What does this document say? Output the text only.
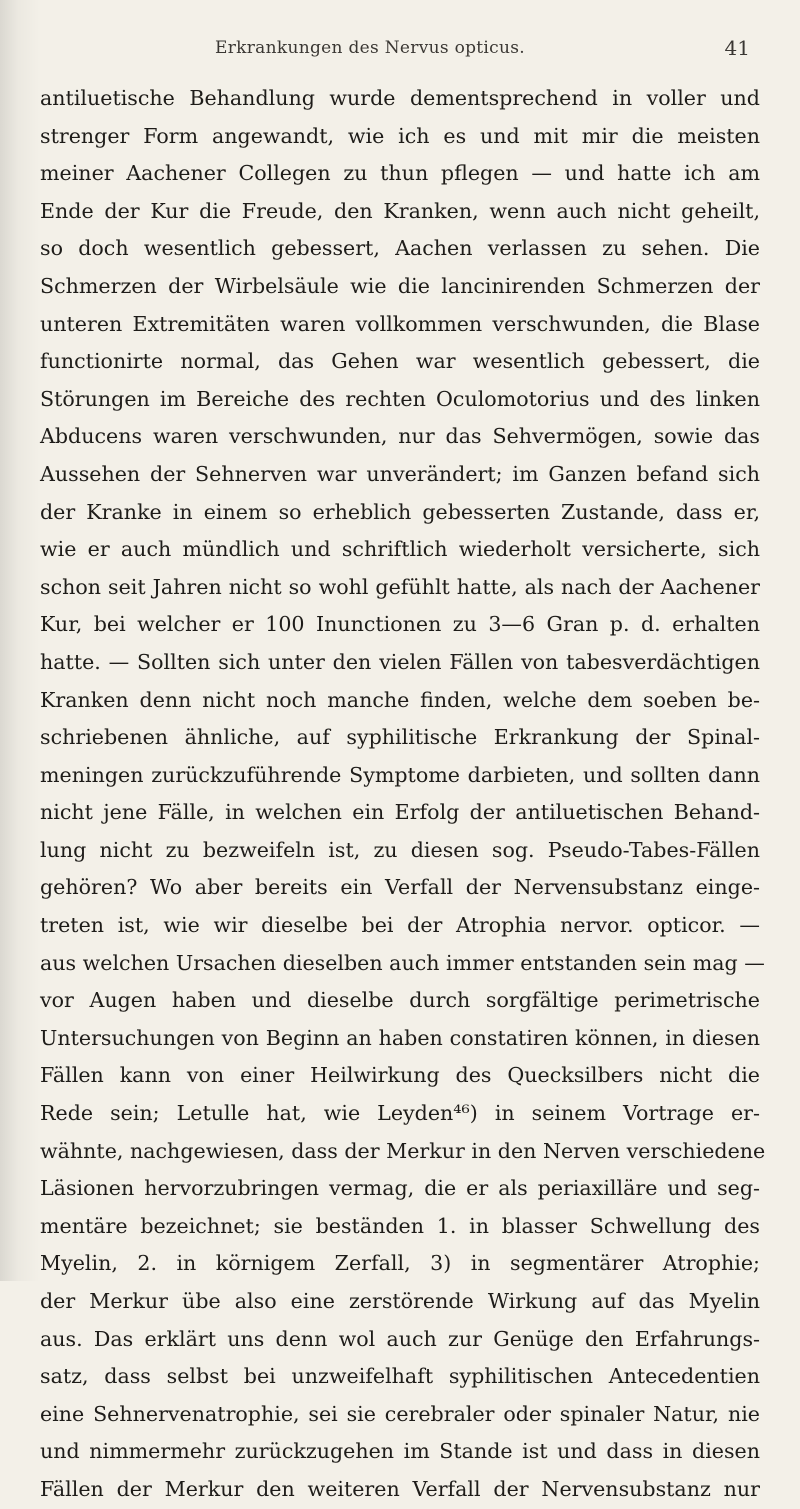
Erkrankungen des Nervus opticus.	41
antiluetische Behandlung wurde dementsprechend in voller und
strenger Form angewandt, wie ich es und mit mir die meisten
meiner Aachener Collegen zu thun pflegen — und hatte ich am
Ende der Kur die Freude, den Kranken, wenn auch nicht geheilt,
so doch wesentlich gebessert, Aachen verlassen zu sehen. Die
Schmerzen der Wirbelsäule wie die lancinirenden Schmerzen der
unteren Extremitäten waren vollkommen verschwunden, die Blase
functionirte normal, das Gehen war wesentlich gebessert, die
Störungen im Bereiche des rechten Oculomotorius und des linken
Abducens waren verschwunden, nur das Sehvermögen, sowie das
Aussehen der Sehnerven war unverändert; im Ganzen befand sich
der Kranke in einem so erheblich gebesserten Zustande, dass er,
wie er auch mündlich und schriftlich wiederholt versicherte, sich
schon seit Jahren nicht so wohl gefühlt hatte, als nach der Aachener
Kur, bei welcher er 100 Inunctionen zu 3—6 Gran p. d. erhalten
hatte. — Sollten sich unter den vielen Fällen von tabesverdächtigen
Kranken denn nicht noch manche finden, welche dem soeben be-
schriebenen ähnliche, auf syphilitische Erkrankung der Spinal-
meningen zurückzuführende Symptome darbieten, und sollten dann
nicht jene Fälle, in welchen ein Erfolg der antiluetischen Behand-
lung nicht zu bezweifeln ist, zu diesen sog. Pseudo-Tabes-Fällen
gehören? Wo aber bereits ein Verfall der Nervensubstanz einge-
treten ist, wie wir dieselbe bei der Atrophia nervor. opticor. —
aus welchen Ursachen dieselben auch immer entstanden sein mag —
vor Augen haben und dieselbe durch sorgfältige perimetrische
Untersuchungen von Beginn an haben constatiren können, in diesen
Fällen kann von einer Heilwirkung des Quecksilbers nicht die
Rede sein; Letulle hat, wie Leyden⁴⁶) in seinem Vortrage er-
wähnte, nachgewiesen, dass der Merkur in den Nerven verschiedene
Läsionen hervorzubringen vermag, die er als periaxilläre und seg-
mentäre bezeichnet; sie beständen 1. in blasser Schwellung des
Myelin, 2. in körnigem Zerfall, 3) in segmentärer Atrophie;
der Merkur übe also eine zerstörende Wirkung auf das Myelin
aus. Das erklärt uns denn wol auch zur Genüge den Erfahrungs-
satz, dass selbst bei unzweifelhaft syphilitischen Antecedentien
eine Sehnervenatrophie, sei sie cerebraler oder spinaler Natur, nie
und nimmermehr zurückzugehen im Stande ist und dass in diesen
Fällen der Merkur den weiteren Verfall der Nervensubstanz nur
